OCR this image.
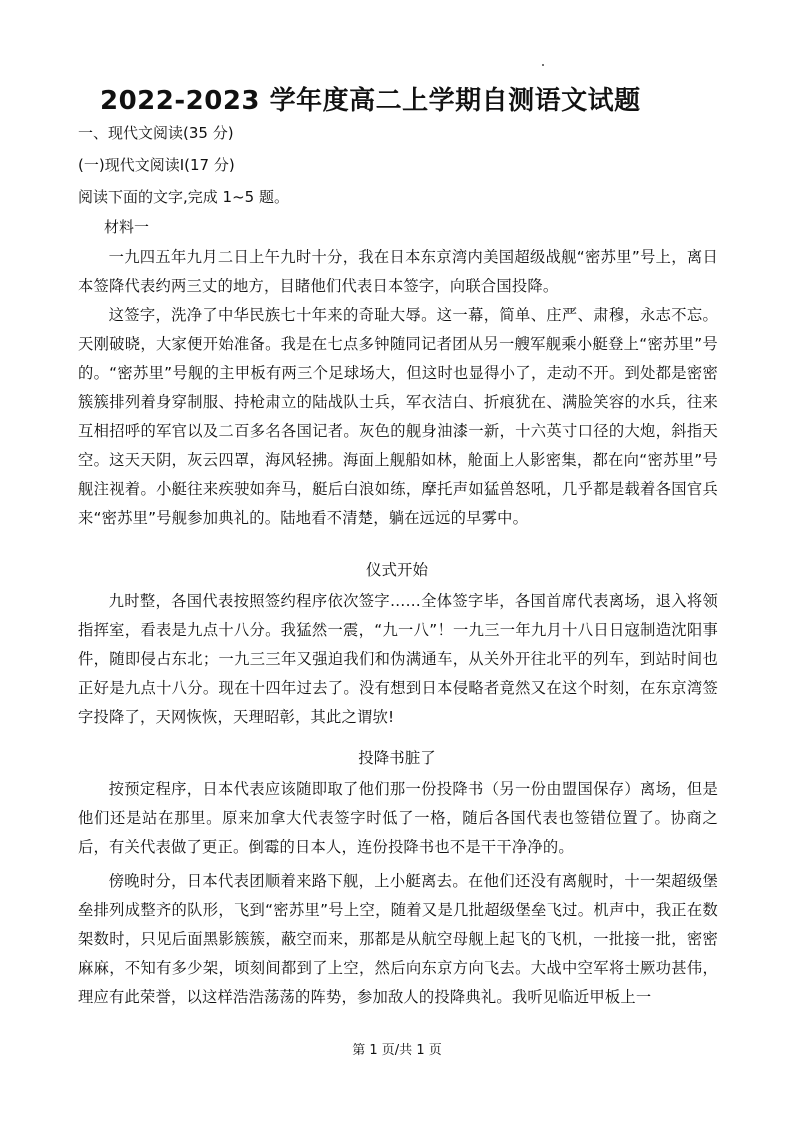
2022-2023 学年度高二上学期自测语文试题
一、现代文阅读(35 分)
(一)现代文阅读Ⅰ(17 分)
阅读下面的文字,完成 1~5 题。
材料一
一九四五年九月二日上午九时十分，我在日本东京湾内美国超级战舰“密苏里”号上，离日本签降代表约两三丈的地方，目睹他们代表日本签字，向联合国投降。
这签字，洗净了中华民族七十年来的奇耻大辱。这一幕，简单、庄严、肃穆，永志不忘。天刚破晓，大家便开始准备。我是在七点多钟随同记者团从另一艘军舰乘小艇登上“密苏里”号的。“密苏里”号舰的主甲板有两三个足球场大，但这时也显得小了，走动不开。到处都是密密簇簇排列着身穿制服、持枪肃立的陆战队士兵，军衣洁白、折痕犹在、满脸笑容的水兵，往来互相招呼的军官以及二百多名各国记者。灰色的舰身油漆一新，十六英寸口径的大炮，斜指天空。这天天阴，灰云四罩，海风轻拂。海面上舰船如林，舱面上人影密集，都在向“密苏里”号舰注视着。小艇往来疾驶如奔马，艇后白浪如练，摩托声如猛兽怒吼，几乎都是载着各国官兵来“密苏里”号舰参加典礼的。陆地看不清楚，躺在远远的早雾中。
仪式开始
九时整，各国代表按照签约程序依次签字……全体签字毕，各国首席代表离场，退入将领指挥室，看表是九点十八分。我猛然一震，“九一八”！一九三一年九月十八日日寇制造沈阳事件，随即侵占东北；一九三三年又强迫我们和伪满通车，从关外开往北平的列车，到站时间也正好是九点十八分。现在十四年过去了。没有想到日本侵略者竟然又在这个时刻，在东京湾签字投降了，天网恢恢，天理昭彰，其此之谓欤!
投降书脏了
按预定程序，日本代表应该随即取了他们那一份投降书（另一份由盟国保存）离场，但是他们还是站在那里。原来加拿大代表签字时低了一格，随后各国代表也签错位置了。协商之后，有关代表做了更正。倒霉的日本人，连份投降书也不是干干净净的。
傍晚时分，日本代表团顺着来路下舰，上小艇离去。在他们还没有离舰时，十一架超级堡垒排列成整齐的队形，飞到“密苏里”号上空，随着又是几批超级堡垒飞过。机声中，我正在数架数时，只见后面黑影簇簇，蔽空而来，那都是从航空母舰上起飞的飞机，一批接一批，密密麻麻，不知有多少架，顷刻间都到了上空，然后向东京方向飞去。大战中空军将士厥功甚伟，理应有此荣誉，以这样浩浩荡荡的阵势，参加敌人的投降典礼。我听见临近甲板上一
第 1 页/共 1 页
